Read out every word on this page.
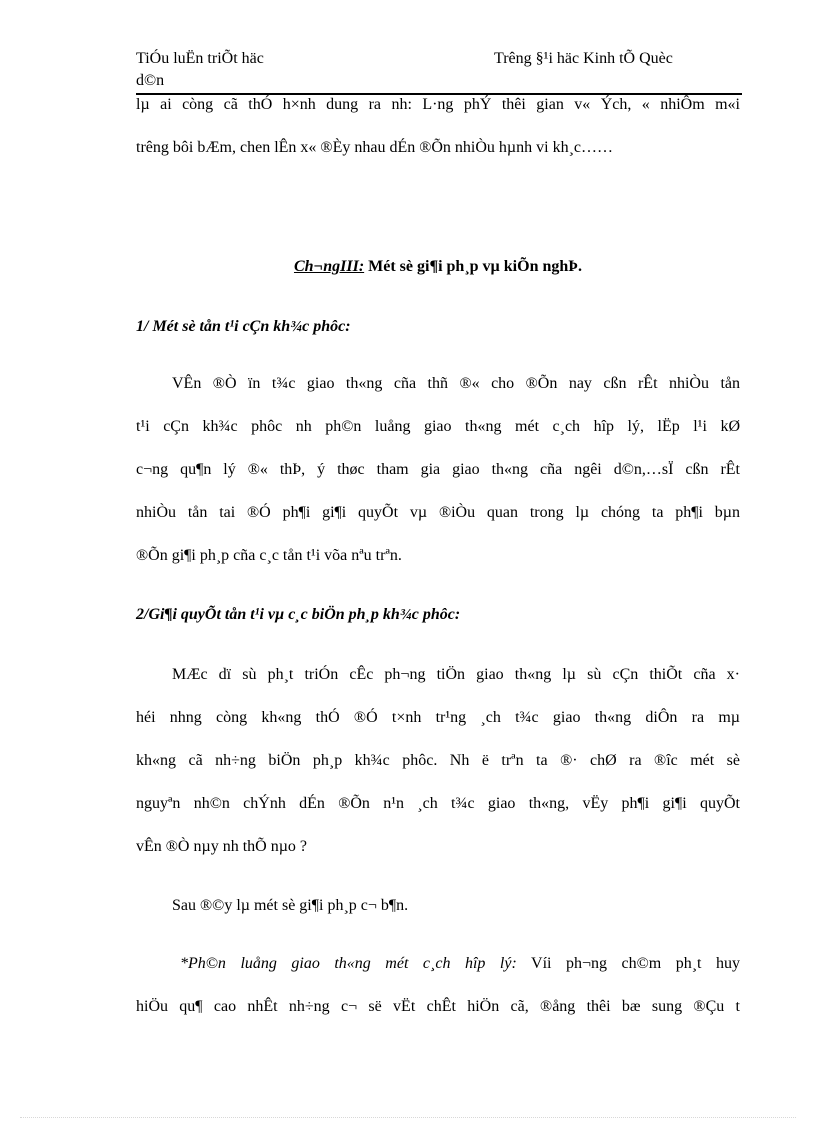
TiÓu luËn triÕt häc
d©n
Trêng §¹i häc Kinh tÕ Quèc
lµ ai còng cã thÓ h×nh dung ra nh: L·ng phÝ thêi gian v« Ých, « nhiÔm m«i
trêng bôi bÆm, chen lÊn x« ®Èy nhau dÉn ®Õn nhiÒu hµnh vi kh¸c……
Ch¬ngIII: Mét sè gi¶i ph¸p vµ kiÕn nghÞ.
1/ Mét sè tån t¹i cÇn kh¾c phôc:
VÊn ®Ò ïn t¾c giao th«ng cña thñ ®« cho ®Õn nay cßn rÊt nhiÒu tån
t¹i cÇn kh¾c phôc nh ph©n luång giao th«ng mét c¸ch hîp lý, lËp l¹i kØ
c¬ng qu¶n lý ®« thÞ, ý thøc tham gia giao th«ng cña ngêi d©n,…sÏ cßn rÊt
nhiÒu tån tai ®Ó ph¶i gi¶i quyÕt vµ ®iÒu quan trong lµ chóng ta ph¶i bµn
®Õn gi¶i ph¸p cña c¸c tån t¹i võa nªu trªn.
2/Gi¶i quyÕt tån t¹i vµ c¸c biÖn ph¸p kh¾c phôc:
MÆc dï sù ph¸t triÓn cÊc ph¬ng tiÖn giao th«ng lµ sù cÇn thiÕt cña x·
héi nhng còng kh«ng thÓ ®Ó t×nh tr¹ng ¸ch t¾c giao th«ng diÔn ra mµ
kh«ng cã nh÷ng biÖn ph¸p kh¾c phôc. Nh ë trªn ta ®· chØ ra ®îc mét sè
nguyªn nh©n chÝnh dÉn ®Õn n¹n ¸ch t¾c giao th«ng, vËy ph¶i gi¶i quyÕt
vÊn ®Ò nµy nh thÕ nµo ?
Sau ®©y lµ mét sè gi¶i ph¸p c¬ b¶n.
*Ph©n luång giao th«ng mét c¸ch hîp lý: Víi ph¬ng ch©m ph¸t huy
hiÖu qu¶ cao nhÊt nh÷ng c¬ së vËt chÊt hiÖn cã, ®ång thêi bæ sung ®Çu t
